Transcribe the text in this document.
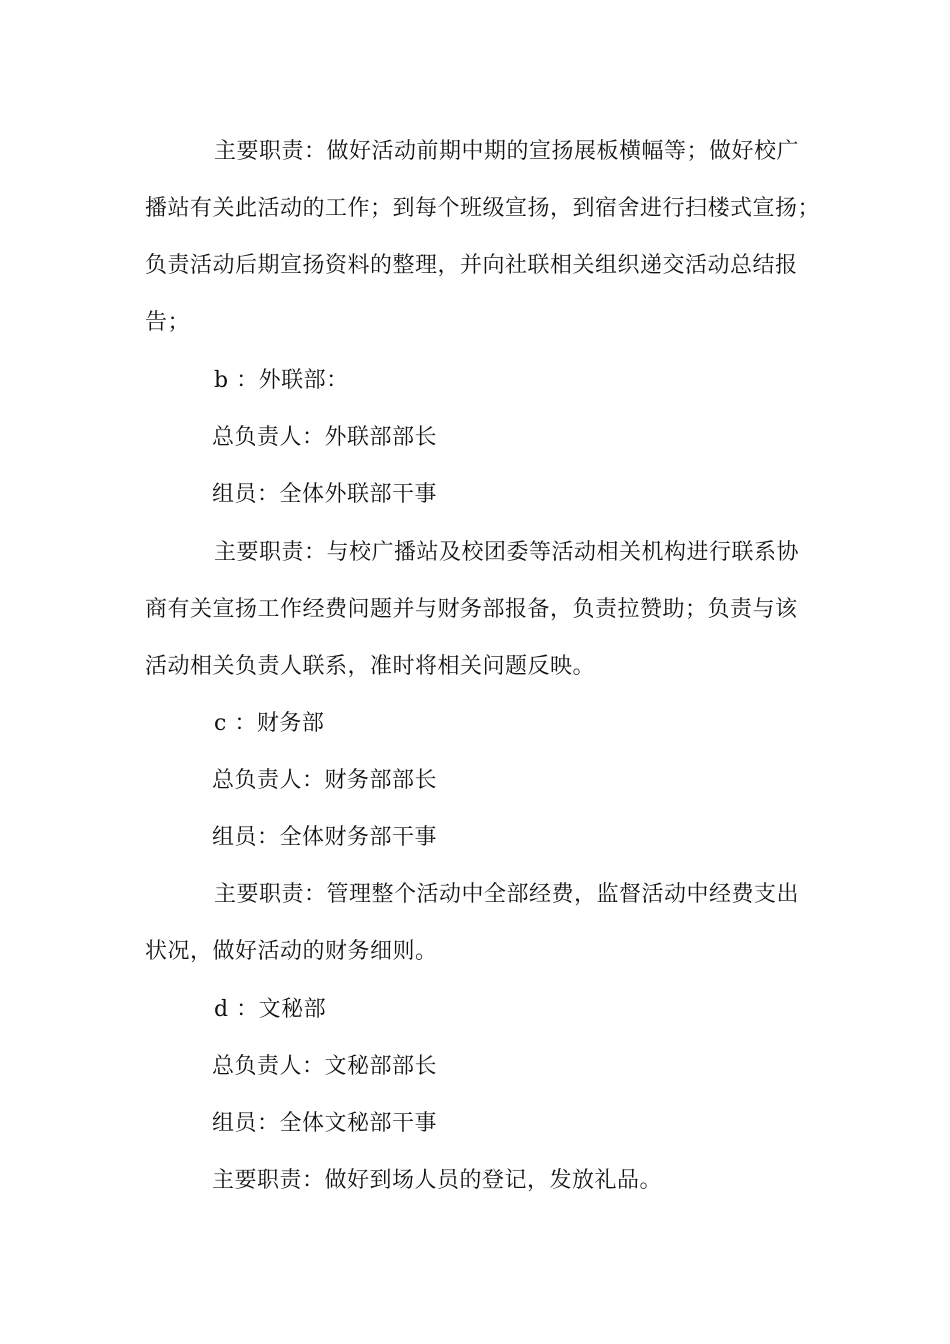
主要职责：做好活动前期中期的宣扬展板横幅等；做好校广
播站有关此活动的工作；到每个班级宣扬，到宿舍进行扫楼式宣扬；
负责活动后期宣扬资料的整理，并向社联相关组织递交活动总结报
告；
b ：外联部：
总负责人：外联部部长
组员：全体外联部干事
主要职责：与校广播站及校团委等活动相关机构进行联系协
商有关宣扬工作经费问题并与财务部报备，负责拉赞助；负责与该
活动相关负责人联系，准时将相关问题反映。
c ：财务部
总负责人：财务部部长
组员：全体财务部干事
主要职责：管理整个活动中全部经费，监督活动中经费支出
状况，做好活动的财务细则。
d ：文秘部
总负责人：文秘部部长
组员：全体文秘部干事
主要职责：做好到场人员的登记，发放礼品。
